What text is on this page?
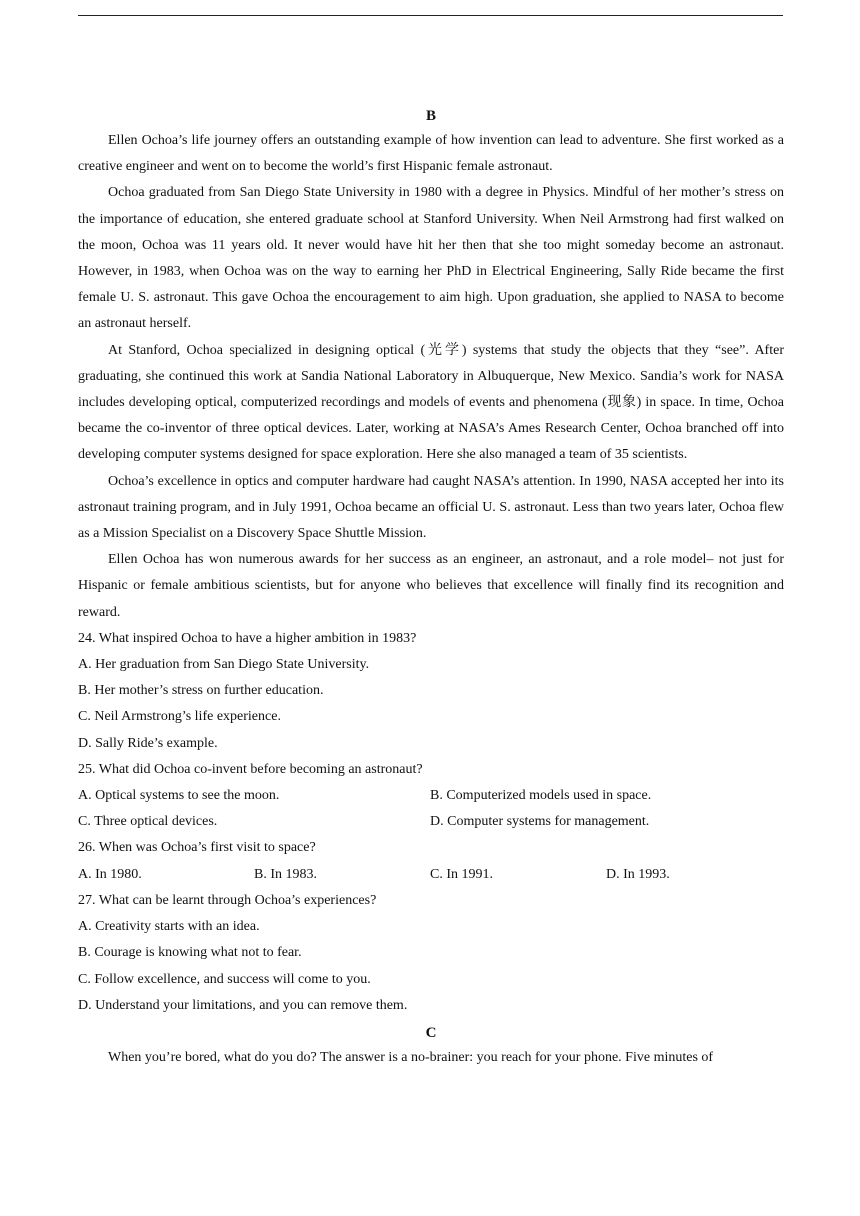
B

Ellen Ochoa’s life journey offers an outstanding example of how invention can lead to adventure. She first worked as a creative engineer and went on to become the world’s first Hispanic female astronaut.

Ochoa graduated from San Diego State University in 1980 with a degree in Physics. Mindful of her mother’s stress on the importance of education, she entered graduate school at Stanford University. When Neil Armstrong had first walked on the moon, Ochoa was 11 years old. It never would have hit her then that she too might someday become an astronaut. However, in 1983, when Ochoa was on the way to earning her PhD in Electrical Engineering, Sally Ride became the first female U. S. astronaut. This gave Ochoa the encouragement to aim high. Upon graduation, she applied to NASA to become an astronaut herself.

At Stanford, Ochoa specialized in designing optical (光学) systems that study the objects that they “see”. After graduating, she continued this work at Sandia National Laboratory in Albuquerque, New Mexico. Sandia’s work for NASA includes developing optical, computerized recordings and models of events and phenomena (现象) in space. In time, Ochoa became the co-inventor of three optical devices. Later, working at NASA’s Ames Research Center, Ochoa branched off into developing computer systems designed for space exploration. Here she also managed a team of 35 scientists.

Ochoa’s excellence in optics and computer hardware had caught NASA’s attention. In 1990, NASA accepted her into its astronaut training program, and in July 1991, Ochoa became an official U. S. astronaut. Less than two years later, Ochoa flew as a Mission Specialist on a Discovery Space Shuttle Mission.

Ellen Ochoa has won numerous awards for her success as an engineer, an astronaut, and a role model– not just for Hispanic or female ambitious scientists, but for anyone who believes that excellence will finally find its recognition and reward.

24. What inspired Ochoa to have a higher ambition in 1983?

A. Her graduation from San Diego State University.

B. Her mother’s stress on further education.

C. Neil Armstrong’s life experience.

D. Sally Ride’s example.

25. What did Ochoa co-invent before becoming an astronaut?

A. Optical systems to see the moon.	B. Computerized models used in space.
C. Three optical devices.	D. Computer systems for management.

26. When was Ochoa’s first visit to space?

A. In 1980.	B. In 1983.	C. In 1991.	D. In 1993.

27. What can be learnt through Ochoa’s experiences?

A. Creativity starts with an idea.

B. Courage is knowing what not to fear.

C. Follow excellence, and success will come to you.

D. Understand your limitations, and you can remove them.

C

When you’re bored, what do you do? The answer is a no-brainer: you reach for your phone. Five minutes of
